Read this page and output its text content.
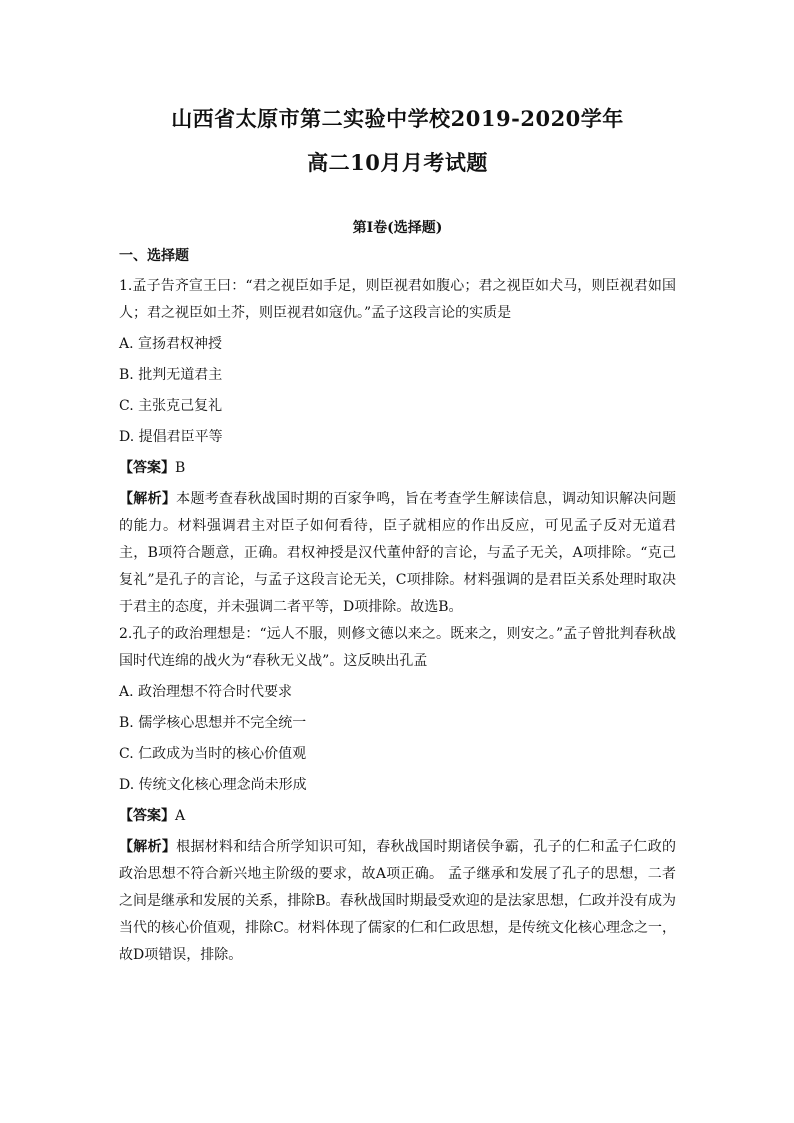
山西省太原市第二实验中学校2019-2020学年
高二10月月考试题
第Ⅰ卷(选择题)
一、选择题
1.孟子告齐宣王曰：“君之视臣如手足，则臣视君如腹心；君之视臣如犬马，则臣视君如国人；君之视臣如土芥，则臣视君如寇仇。”孟子这段言论的实质是
A. 宣扬君权神授
B. 批判无道君主
C. 主张克己复礼
D. 提倡君臣平等
【答案】B
【解析】本题考查春秋战国时期的百家争鸣，旨在考查学生解读信息，调动知识解决问题的能力。材料强调君主对臣子如何看待，臣子就相应的作出反应，可见孟子反对无道君主，B项符合题意，正确。君权神授是汉代董仲舒的言论，与孟子无关，A项排除。“克己复礼”是孔子的言论，与孟子这段言论无关，C项排除。材料强调的是君臣关系处理时取决于君主的态度，并未强调二者平等，D项排除。故选B。
2.孔子的政治理想是：“远人不服，则修文德以来之。既来之，则安之。”孟子曾批判春秋战国时代连绵的战火为“春秋无义战”。这反映出孔孟
A. 政治理想不符合时代要求
B. 儒学核心思想并不完全统一
C. 仁政成为当时的核心价值观
D. 传统文化核心理念尚未形成
【答案】A
【解析】根据材料和结合所学知识可知，春秋战国时期诸侯争霸，孔子的仁和孟子仁政的政治思想不符合新兴地主阶级的要求，故A项正确。 孟子继承和发展了孔子的思想，二者之间是继承和发展的关系，排除B。春秋战国时期最受欢迎的是法家思想，仁政并没有成为当代的核心价值观，排除C。材料体现了儒家的仁和仁政思想，是传统文化核心理念之一，故D项错误，排除。
